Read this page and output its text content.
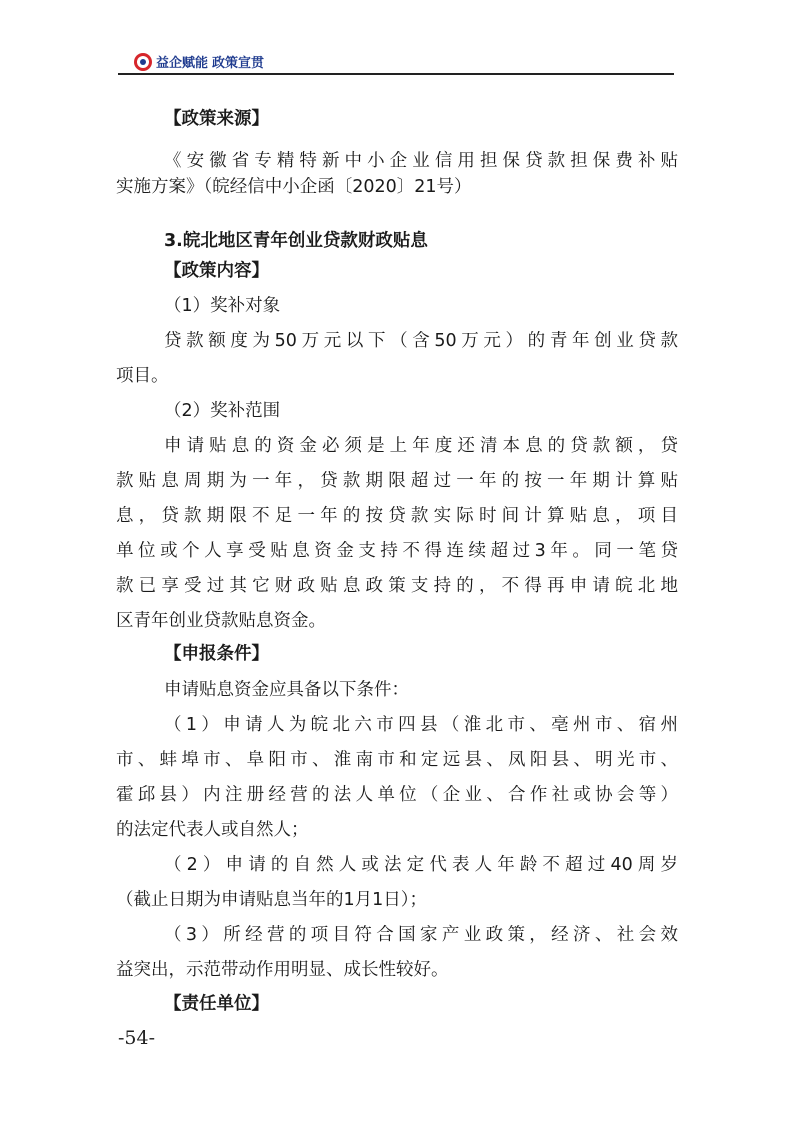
益企赋能 政策宣贯
【政策来源】
《安徽省专精特新中小企业信用担保贷款担保费补贴
实施方案》（皖经信中小企函〔2020〕21号）
3.皖北地区青年创业贷款财政贴息
【政策内容】
（1）奖补对象
贷款额度为50万元以下（含50万元）的青年创业贷款
项目。
（2）奖补范围
申请贴息的资金必须是上年度还清本息的贷款额，贷
款贴息周期为一年，贷款期限超过一年的按一年期计算贴
息，贷款期限不足一年的按贷款实际时间计算贴息，项目
单位或个人享受贴息资金支持不得连续超过3年。同一笔贷
款已享受过其它财政贴息政策支持的，不得再申请皖北地
区青年创业贷款贴息资金。
【申报条件】
申请贴息资金应具备以下条件：
（1）申请人为皖北六市四县（淮北市、亳州市、宿州
市、蚌埠市、阜阳市、淮南市和定远县、凤阳县、明光市、
霍邱县）内注册经营的法人单位（企业、合作社或协会等）
的法定代表人或自然人；
（2）申请的自然人或法定代表人年龄不超过40周岁
（截止日期为申请贴息当年的1月1日）；
（3）所经营的项目符合国家产业政策，经济、社会效
益突出，示范带动作用明显、成长性较好。
【责任单位】
-54-
